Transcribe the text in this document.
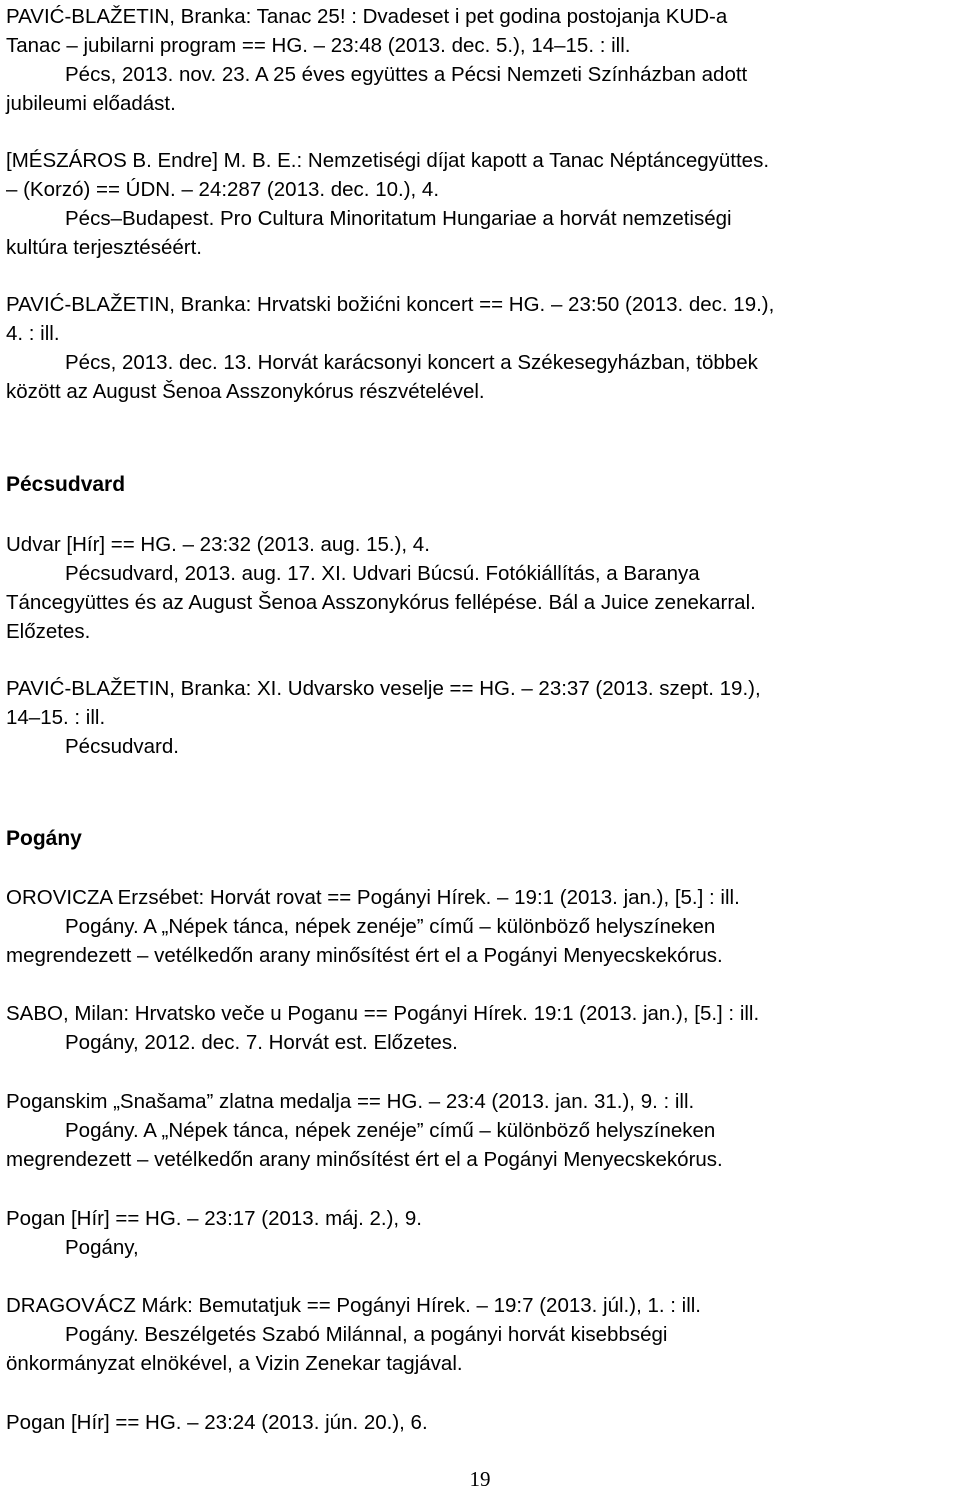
PAVIĆ-BLAŽETIN, Branka: Tanac 25! : Dvadeset i pet godina postojanja KUD-a
Tanac – jubilarni program == HG. – 23:48 (2013. dec. 5.), 14–15. : ill.
Pécs, 2013. nov. 23. A 25 éves együttes a Pécsi Nemzeti Színházban adott
jubileumi előadást.
[MÉSZÁROS B. Endre] M. B. E.: Nemzetiségi díjat kapott a Tanac Néptáncegyüttes.
– (Korzó) == ÚDN. – 24:287 (2013. dec. 10.), 4.
Pécs–Budapest. Pro Cultura Minoritatum Hungariae a horvát nemzetiségi
kultúra terjesztéséért.
PAVIĆ-BLAŽETIN, Branka: Hrvatski božićni koncert == HG. – 23:50 (2013. dec. 19.),
4. : ill.
Pécs, 2013. dec. 13. Horvát karácsonyi koncert a Székesegyházban, többek
között az August Šenoa Asszonykórus részvételével.
Pécsudvard
Udvar [Hír] == HG. – 23:32 (2013. aug. 15.), 4.
Pécsudvard, 2013. aug. 17. XI. Udvari Búcsú. Fotókiállítás, a Baranya
Táncegyüttes és az August Šenoa Asszonykórus fellépése. Bál a Juice zenekarral.
Előzetes.
PAVIĆ-BLAŽETIN, Branka: XI. Udvarsko veselje == HG. – 23:37 (2013. szept. 19.),
14–15. : ill.
Pécsudvard.
Pogány
OROVICZA Erzsébet: Horvát rovat == Pogányi Hírek. – 19:1 (2013. jan.), [5.] : ill.
Pogány. A „Népek tánca, népek zenéje” című – különböző helyszíneken
megrendezett – vetélkedőn arany minősítést ért el a Pogányi Menyecskekórus.
SABO, Milan: Hrvatsko veče u Poganu == Pogányi Hírek. 19:1 (2013. jan.), [5.] : ill.
Pogány, 2012. dec. 7. Horvát est. Előzetes.
Poganskim „Snašama” zlatna medalja == HG. – 23:4 (2013. jan. 31.), 9. : ill.
Pogány. A „Népek tánca, népek zenéje” című – különböző helyszíneken
megrendezett – vetélkedőn arany minősítést ért el a Pogányi Menyecskekórus.
Pogan [Hír] == HG. – 23:17 (2013. máj. 2.), 9.
Pogány,
DRAGOVÁCZ Márk: Bemutatjuk == Pogányi Hírek. – 19:7 (2013. júl.), 1. : ill.
Pogány. Beszélgetés Szabó Milánnal, a pogányi horvát kisebbségi
önkormányzat elnökével, a Vizin Zenekar tagjával.
Pogan [Hír] == HG. – 23:24 (2013. jún. 20.), 6.
19
